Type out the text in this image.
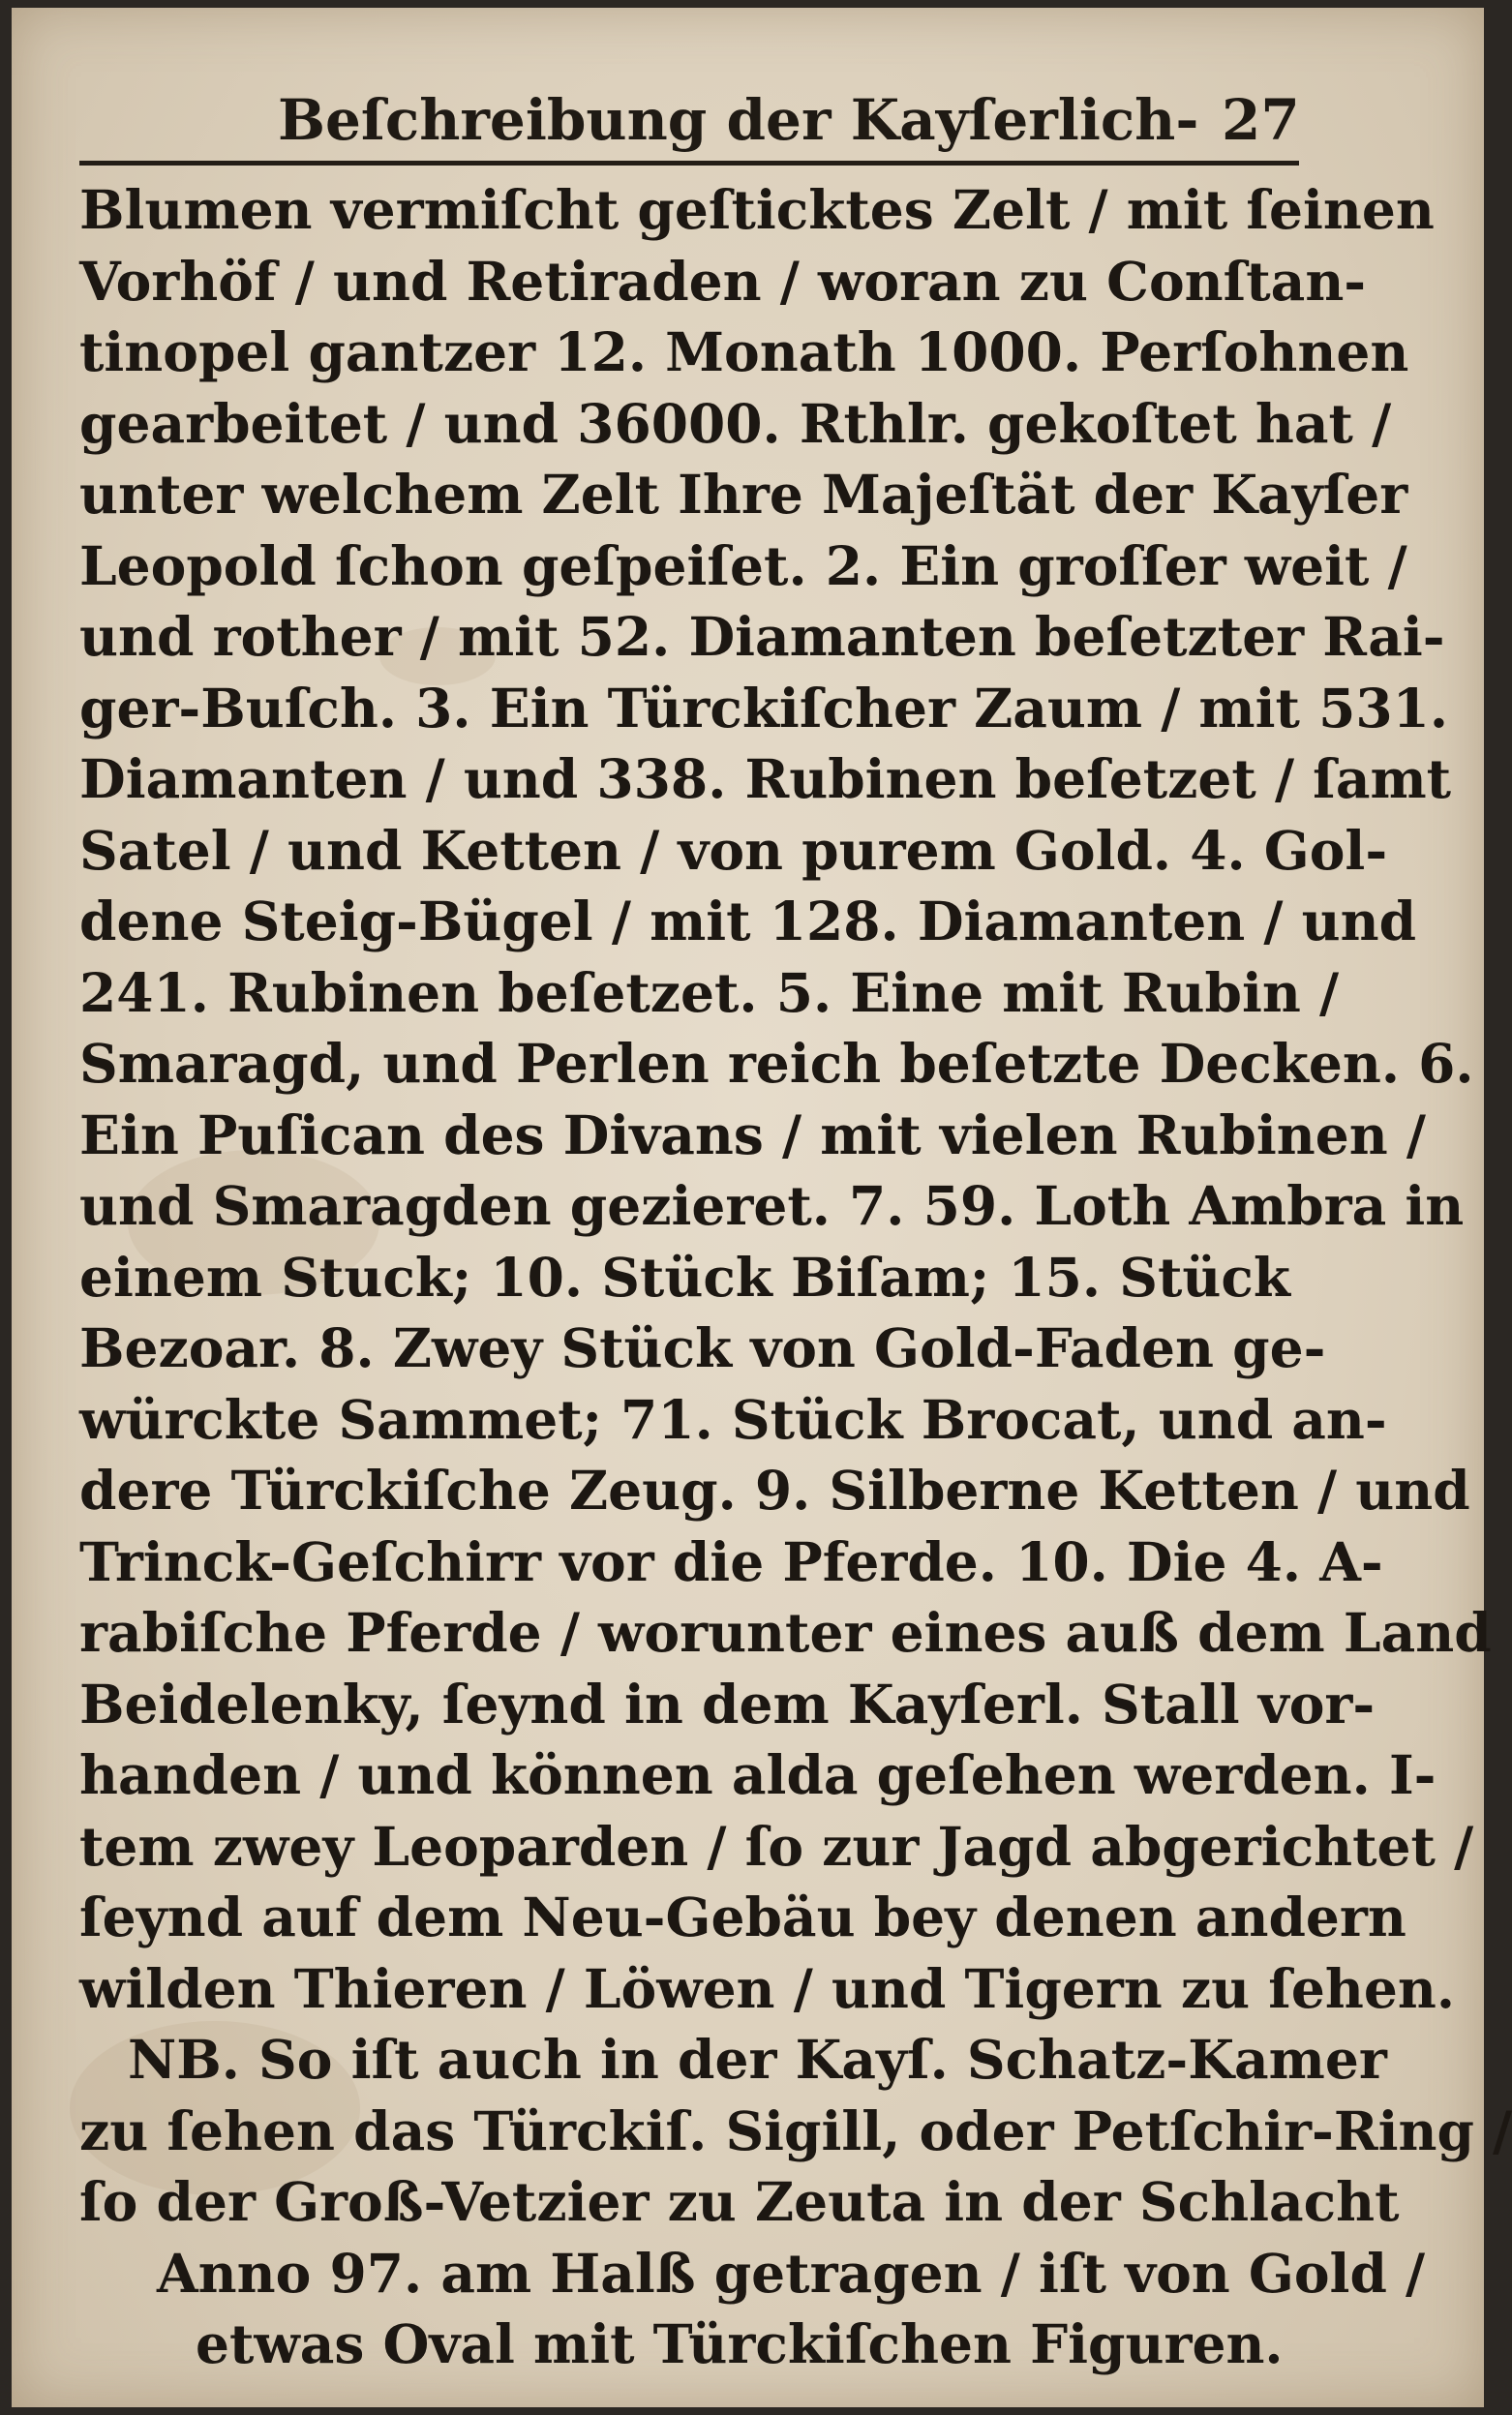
Beſchreibung der Kayſerlich- 27
Blumen vermiſcht geſticktes Zelt / mit ſeinen
Vorhöf / und Retiraden / woran zu Conſtan-
tinopel gantzer 12. Monath 1000. Perſohnen
gearbeitet / und 36000. Rthlr. gekoſtet hat /
unter welchem Zelt Ihre Majeſtät der Kayſer
Leopold ſchon geſpeiſet. 2. Ein groſſer weit /
und rother / mit 52. Diamanten beſetzter Rai-
ger-Buſch. 3. Ein Türckiſcher Zaum / mit 531.
Diamanten / und 338. Rubinen beſetzet / ſamt
Satel / und Ketten / von purem Gold. 4. Gol-
dene Steig-Bügel / mit 128. Diamanten / und
241. Rubinen beſetzet. 5. Eine mit Rubin /
Smaragd, und Perlen reich beſetzte Decken. 6.
Ein Puſican des Divans / mit vielen Rubinen /
und Smaragden gezieret. 7. 59. Loth Ambra in
einem Stuck; 10. Stück Biſam; 15. Stück
Bezoar. 8. Zwey Stück von Gold-Faden ge-
würckte Sammet; 71. Stück Brocat, und an-
dere Türckiſche Zeug. 9. Silberne Ketten / und
Trinck-Geſchirr vor die Pferde. 10. Die 4. A-
rabiſche Pferde / worunter eines auß dem Land
Beidelenky, ſeynd in dem Kayſerl. Stall vor-
handen / und können alda geſehen werden. I-
tem zwey Leoparden / ſo zur Jagd abgerichtet /
ſeynd auf dem Neu-Gebäu bey denen andern
wilden Thieren / Löwen / und Tigern zu ſehen.
NB. So iſt auch in der Kayſ. Schatz-Kamer
zu ſehen das Türckiſ. Sigill, oder Petſchir-Ring /
ſo der Groß-Vetzier zu Zeuta in der Schlacht
Anno 97. am Halß getragen / iſt von Gold /
etwas Oval mit Türckiſchen Figuren.
